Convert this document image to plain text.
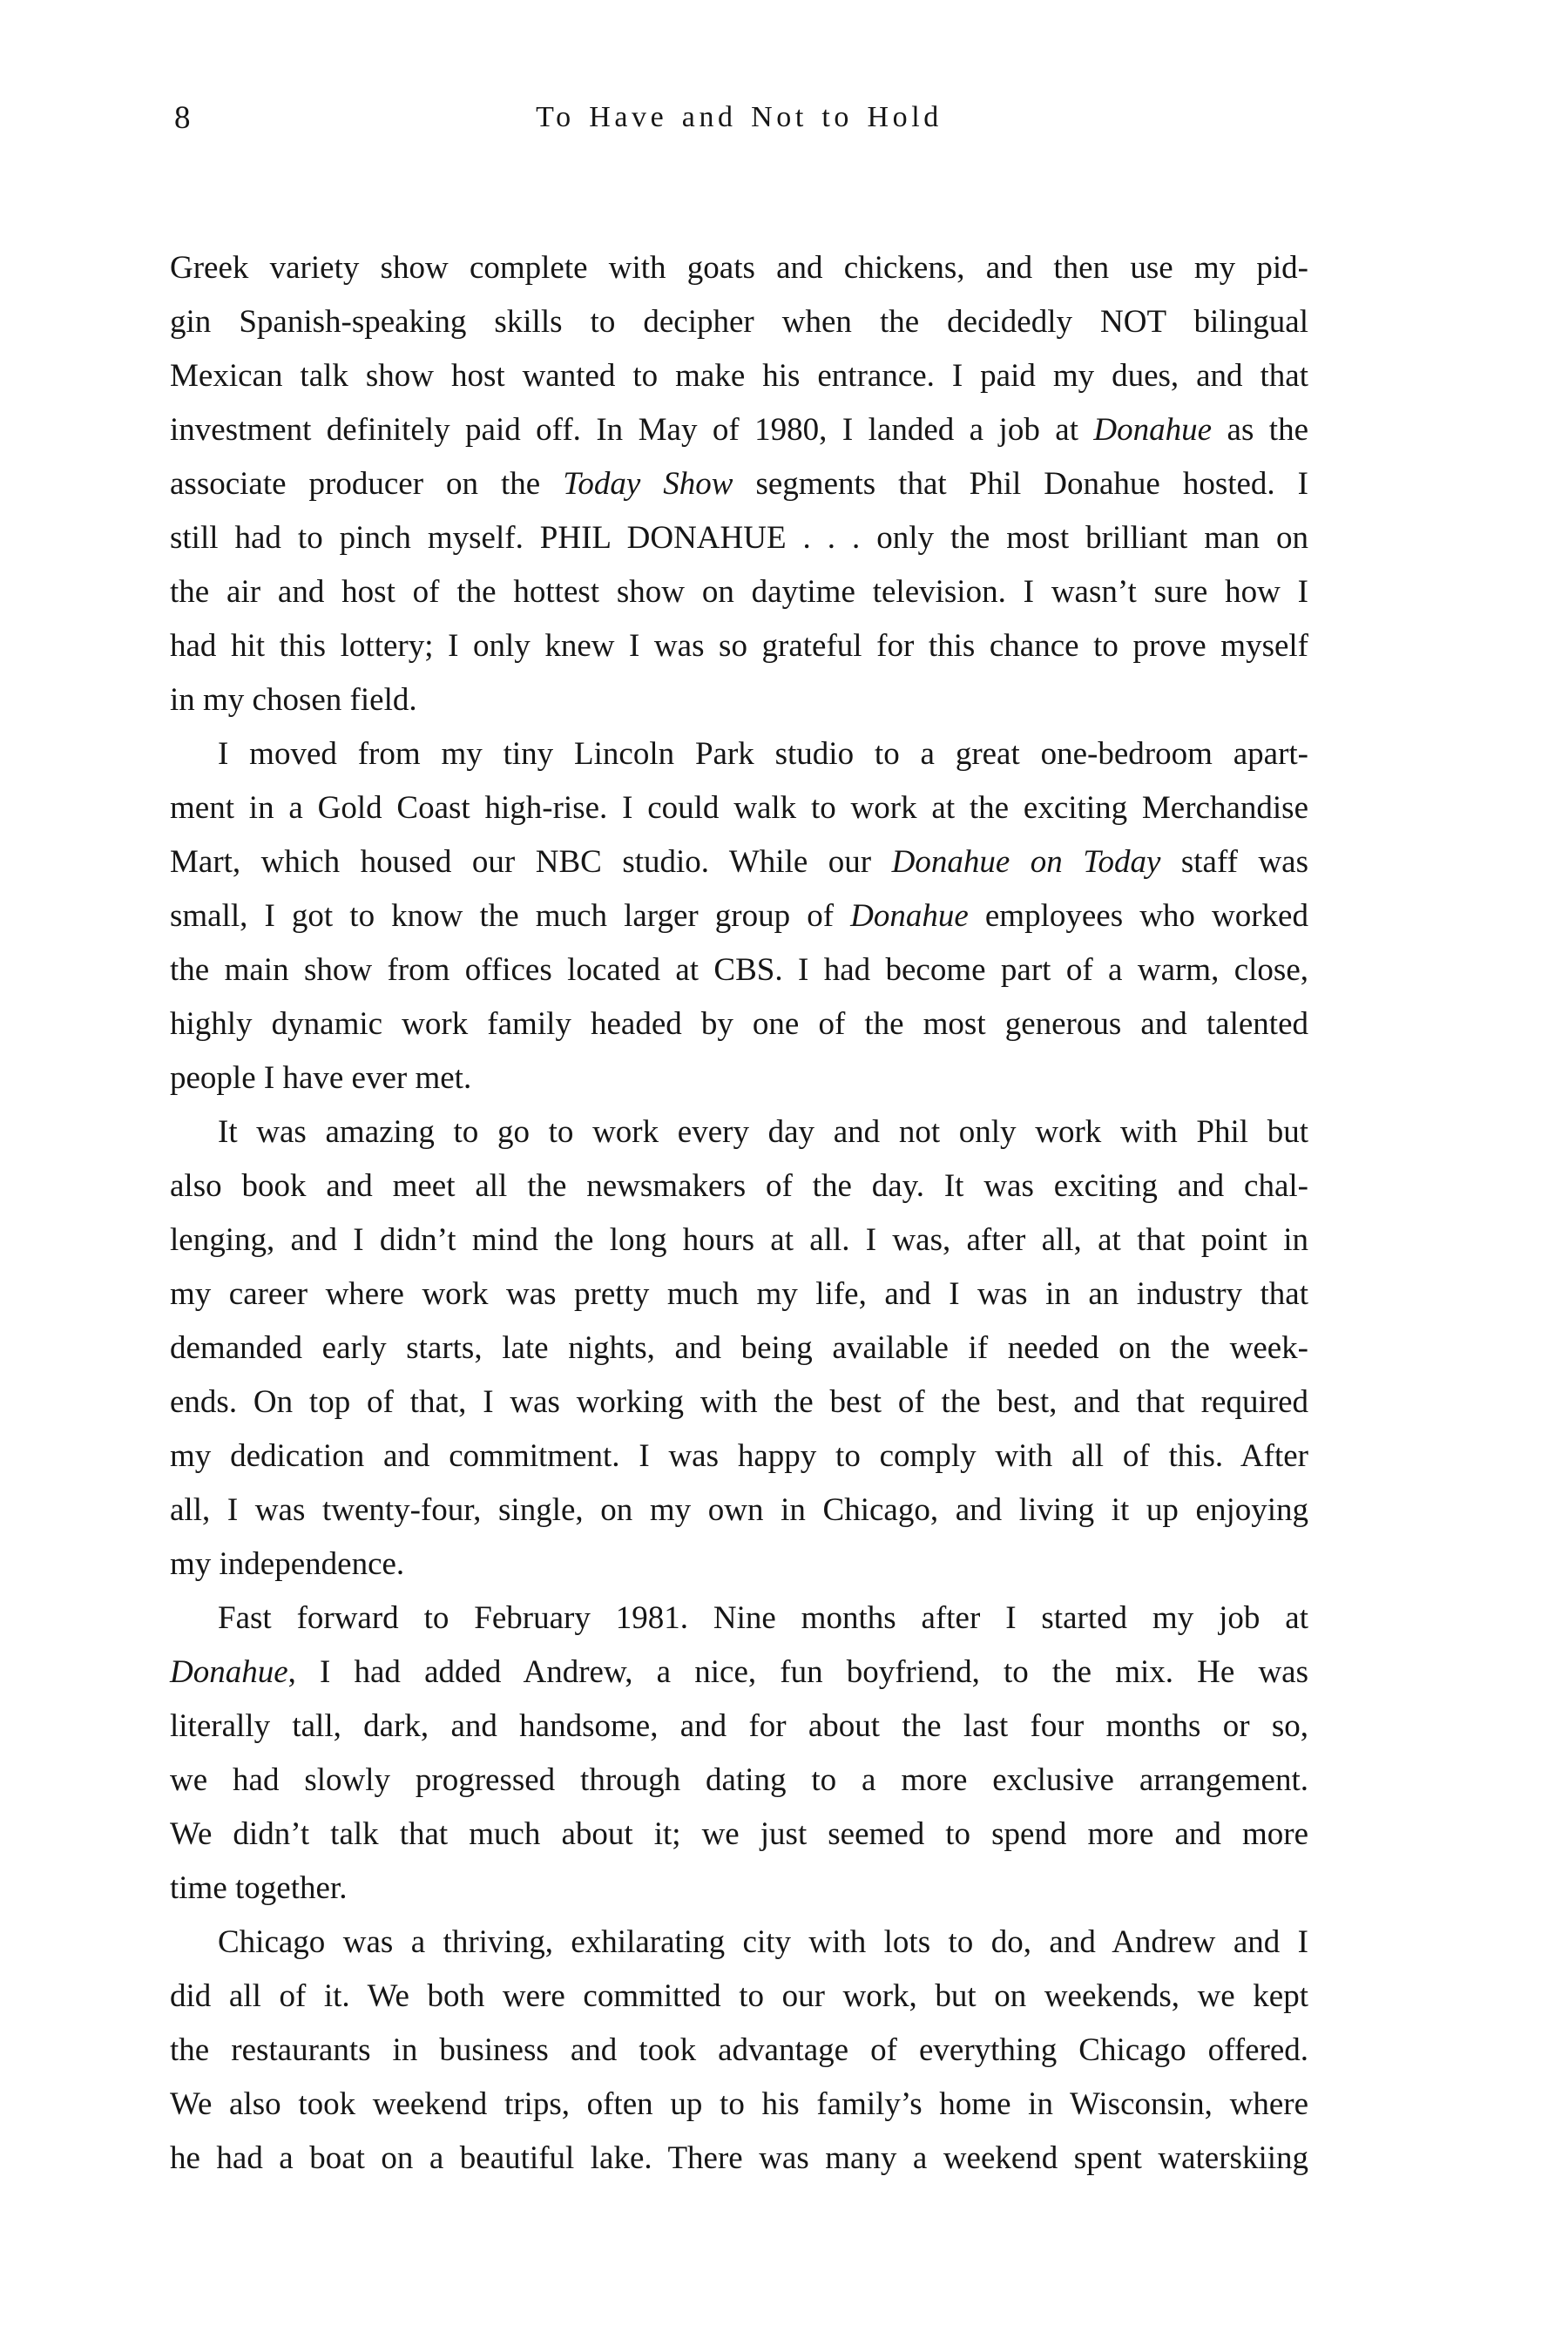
8	To Have and Not to Hold
Greek variety show complete with goats and chickens, and then use my pid-
gin Spanish-speaking skills to decipher when the decidedly NOT bilingual
Mexican talk show host wanted to make his entrance. I paid my dues, and that
investment definitely paid off. In May of 1980, I landed a job at Donahue as the
associate producer on the Today Show segments that Phil Donahue hosted. I
still had to pinch myself. PHIL DONAHUE . . . only the most brilliant man on
the air and host of the hottest show on daytime television. I wasn’t sure how I
had hit this lottery; I only knew I was so grateful for this chance to prove myself
in my chosen field.
I moved from my tiny Lincoln Park studio to a great one-bedroom apart-
ment in a Gold Coast high-rise. I could walk to work at the exciting Merchandise
Mart, which housed our NBC studio. While our Donahue on Today staff was
small, I got to know the much larger group of Donahue employees who worked
the main show from offices located at CBS. I had become part of a warm, close,
highly dynamic work family headed by one of the most generous and talented
people I have ever met.
It was amazing to go to work every day and not only work with Phil but
also book and meet all the newsmakers of the day. It was exciting and chal-
lenging, and I didn’t mind the long hours at all. I was, after all, at that point in
my career where work was pretty much my life, and I was in an industry that
demanded early starts, late nights, and being available if needed on the week-
ends. On top of that, I was working with the best of the best, and that required
my dedication and commitment. I was happy to comply with all of this. After
all, I was twenty-four, single, on my own in Chicago, and living it up enjoying
my independence.
Fast forward to February 1981. Nine months after I started my job at
Donahue, I had added Andrew, a nice, fun boyfriend, to the mix. He was
literally tall, dark, and handsome, and for about the last four months or so,
we had slowly progressed through dating to a more exclusive arrangement.
We didn’t talk that much about it; we just seemed to spend more and more
time together.
Chicago was a thriving, exhilarating city with lots to do, and Andrew and I
did all of it. We both were committed to our work, but on weekends, we kept
the restaurants in business and took advantage of everything Chicago offered.
We also took weekend trips, often up to his family’s home in Wisconsin, where
he had a boat on a beautiful lake. There was many a weekend spent waterskiing
